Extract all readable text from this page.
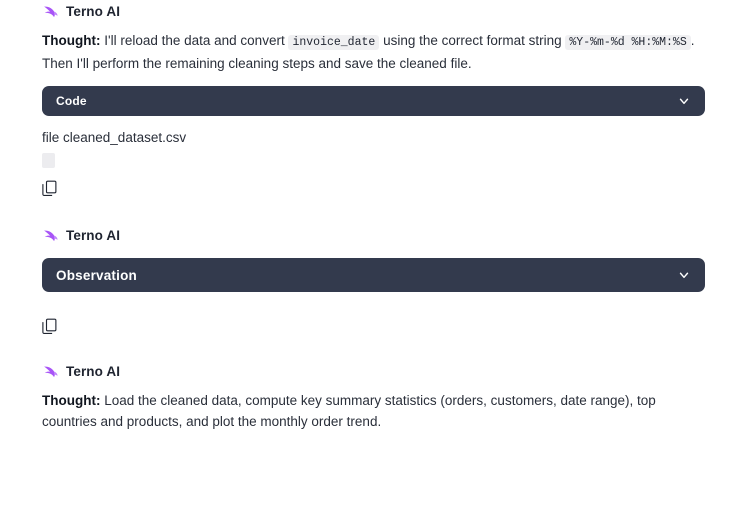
Terno AI
Thought: I'll reload the data and convert invoice_date using the correct format string %Y-%m-%d %H:%M:%S . Then I'll perform the remaining cleaning steps and save the cleaned file.
Code
file cleaned_dataset.csv
Terno AI
Observation
Terno AI
Thought: Load the cleaned data, compute key summary statistics (orders, customers, date range), top countries and products, and plot the monthly order trend.
